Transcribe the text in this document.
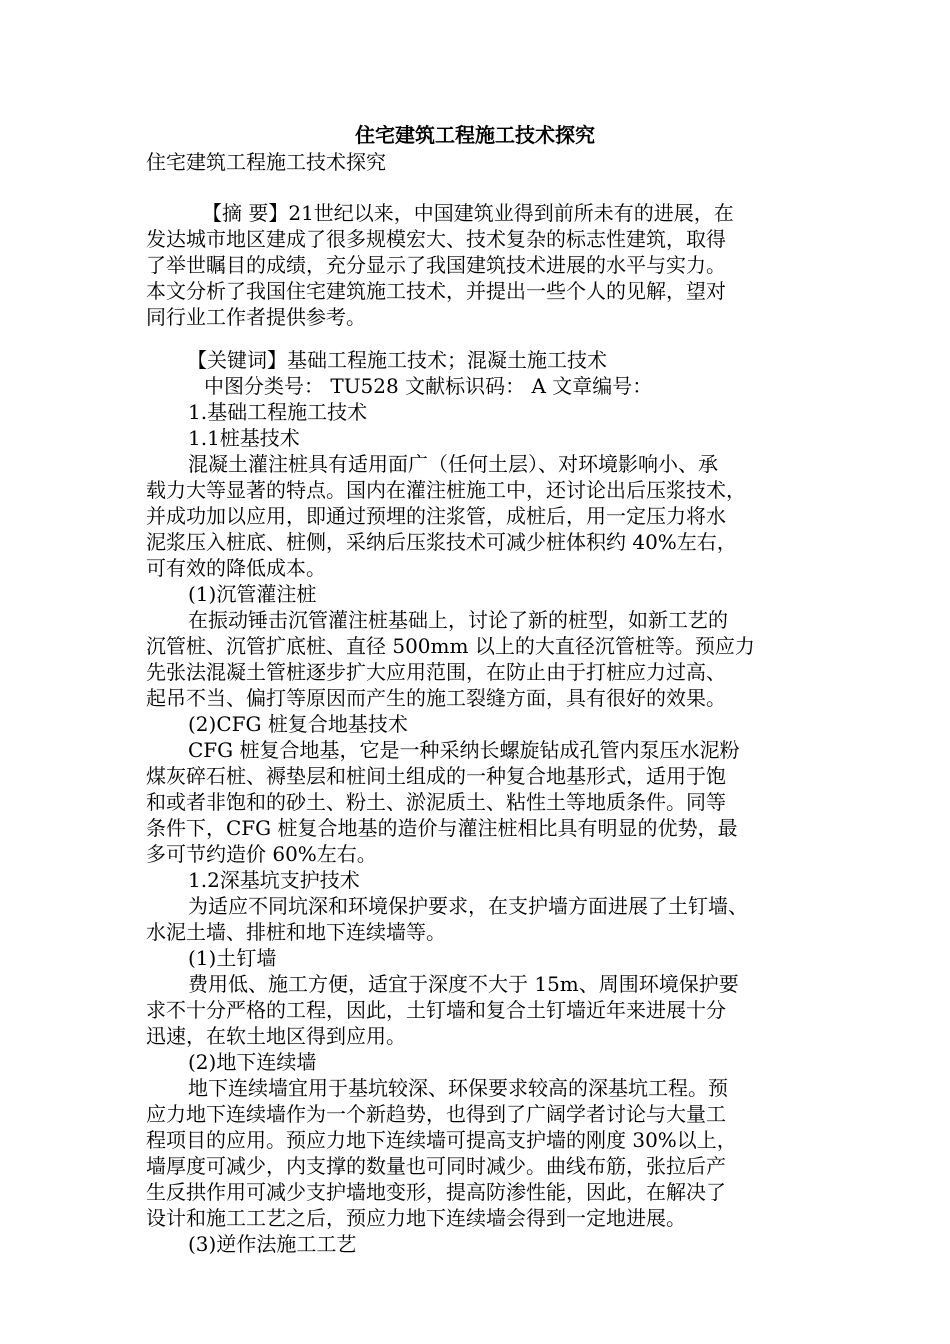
住宅建筑工程施工技术探究
住宅建筑工程施工技术探究
【摘 要】21世纪以来，中国建筑业得到前所未有的进展，在
发达城市地区建成了很多规模宏大、技术复杂的标志性建筑，取得
了举世瞩目的成绩，充分显示了我国建筑技术进展的水平与实力。
本文分析了我国住宅建筑施工技术，并提出一些个人的见解，望对
同行业工作者提供参考。
【关键词】基础工程施工技术；混凝土施工技术
中图分类号： TU528 文献标识码： A 文章编号：
1.基础工程施工技术
1.1桩基技术
混凝土灌注桩具有适用面广（任何土层）、对环境影响小、承
载力大等显著的特点。国内在灌注桩施工中，还讨论出后压浆技术，
并成功加以应用，即通过预埋的注浆管，成桩后，用一定压力将水
泥浆压入桩底、桩侧，采纳后压浆技术可减少桩体积约 40%左右，
可有效的降低成本。
(1)沉管灌注桩
在振动锤击沉管灌注桩基础上，讨论了新的桩型，如新工艺的
沉管桩、沉管扩底桩、直径 500mm 以上的大直径沉管桩等。预应力
先张法混凝土管桩逐步扩大应用范围，在防止由于打桩应力过高、
起吊不当、偏打等原因而产生的施工裂缝方面，具有很好的效果。
(2)CFG 桩复合地基技术
CFG 桩复合地基，它是一种采纳长螺旋钻成孔管内泵压水泥粉
煤灰碎石桩、褥垫层和桩间土组成的一种复合地基形式，适用于饱
和或者非饱和的砂土、粉土、淤泥质土、粘性土等地质条件。同等
条件下，CFG 桩复合地基的造价与灌注桩相比具有明显的优势，最
多可节约造价 60%左右。
1.2深基坑支护技术
为适应不同坑深和环境保护要求，在支护墙方面进展了土钉墙、
水泥土墙、排桩和地下连续墙等。
(1)土钉墙
费用低、施工方便，适宜于深度不大于 15m、周围环境保护要
求不十分严格的工程，因此，土钉墙和复合土钉墙近年来进展十分
迅速，在软土地区得到应用。
(2)地下连续墙
地下连续墙宜用于基坑较深、环保要求较高的深基坑工程。预
应力地下连续墙作为一个新趋势，也得到了广阔学者讨论与大量工
程项目的应用。预应力地下连续墙可提高支护墙的刚度 30%以上，
墙厚度可减少，内支撑的数量也可同时减少。曲线布筋，张拉后产
生反拱作用可减少支护墙地变形，提高防渗性能，因此，在解决了
设计和施工工艺之后，预应力地下连续墙会得到一定地进展。
(3)逆作法施工工艺
